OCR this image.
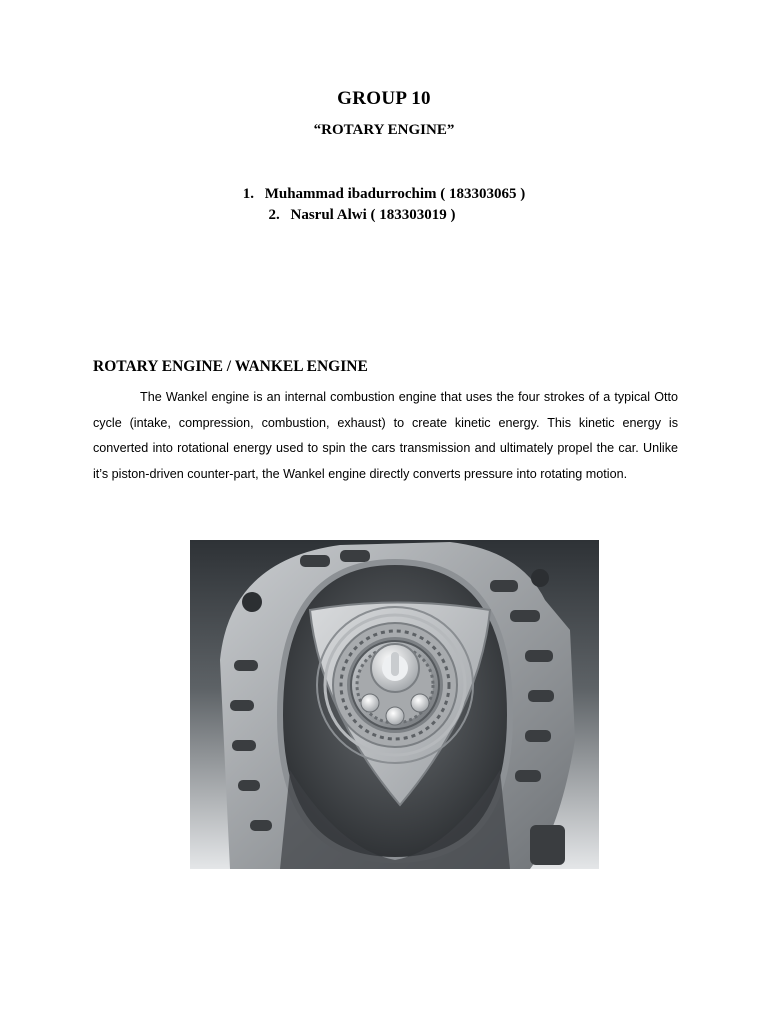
GROUP 10
“ROTARY ENGINE”
1. Muhammad ibadurrochim ( 183303065 )
2. Nasrul Alwi ( 183303019 )
ROTARY ENGINE / WANKEL ENGINE

The Wankel engine is an internal combustion engine that uses the four strokes of a typical Otto cycle (intake, compression, combustion, exhaust) to create kinetic energy. This kinetic energy is converted into rotational energy used to spin the cars transmission and ultimately propel the car. Unlike it’s piston-driven counter-part, the Wankel engine directly converts pressure into rotating motion.
